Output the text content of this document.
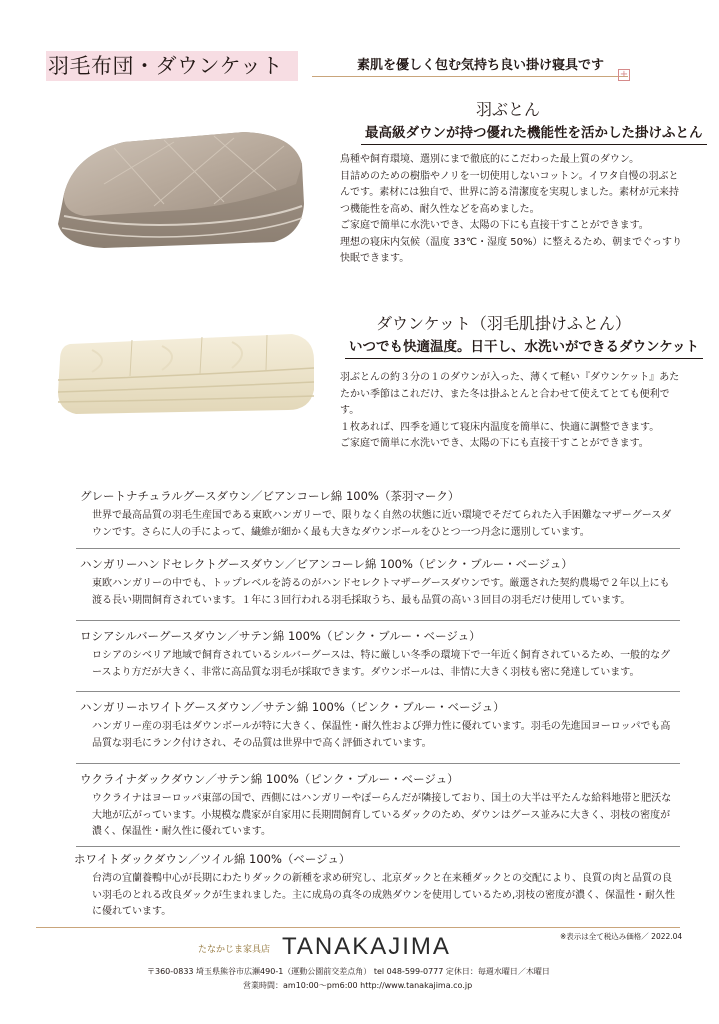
羽毛布団・ダウンケット	素肌を優しく包む気持ち良い掛け寝具です
+
羽ぶとん
最高級ダウンが持つ優れた機能性を活かした掛けふとん

鳥種や飼育環境、選別にまで徹底的にこだわった最上質のダウン。

目詰めのための樹脂やノリを一切使用しないコットン。イワタ自慢の羽ぶとんです。素材には独自で、世界に誇る清潔度を実現しました。素材が元来持つ機能性を高め、耐久性などを高めました。

ご家庭で簡単に水洗いでき、太陽の下にも直接干すことができます。

理想の寝床内気候（温度 33℃・湿度 50%）に整えるため、朝までぐっすり快眠できます。

ダウンケット（羽毛肌掛けふとん）
いつでも快適温度。日干し、水洗いができるダウンケット

羽ぶとんの約３分の１のダウンが入った、薄くて軽い『ダウンケット』あたたかい季節はこれだけ、また冬は掛ふとんと合わせて使えてとても便利です。

１枚あれば、四季を通じて寝床内温度を簡単に、快適に調整できます。

ご家庭で簡単に水洗いでき、太陽の下にも直接干すことができます。

グレートナチュラルグースダウン／ビアンコーレ綿 100%（茶羽マーク）
世界で最高品質の羽毛生産国である東欧ハンガリーで、限りなく自然の状態に近い環境でそだてられた入手困難なマザーグースダウンです。さらに人の手によって、繊維が細かく最も大きなダウンボールをひとつ一つ丹念に選別しています。
ハンガリーハンドセレクトグースダウン／ビアンコーレ綿 100%（ピンク・ブルー・ベージュ）
東欧ハンガリーの中でも、トップレベルを誇るのがハンドセレクトマザーグースダウンです。厳選された契約農場で２年以上にも渡る長い期間飼育されています。１年に３回行われる羽毛採取うち、最も品質の高い３回目の羽毛だけ使用しています。
ロシアシルバーグースダウン／サテン綿 100%（ピンク・ブルー・ベージュ）
ロシアのシベリア地域で飼育されているシルバーグースは、特に厳しい冬季の環境下で一年近く飼育されているため、一般的なグースより方だが大きく、非常に高品質な羽毛が採取できます。ダウンボールは、非情に大きく羽枝も密に発達しています。
ハンガリーホワイトグースダウン／サテン綿 100%（ピンク・ブルー・ベージュ）
ハンガリー産の羽毛はダウンボールが特に大きく、保温性・耐久性および弾力性に優れています。羽毛の先進国ヨーロッパでも高品質な羽毛にランク付けされ、その品質は世界中で高く評価されています。
ウクライナダックダウン／サテン綿 100%（ピンク・ブルー・ベージュ）
ウクライナはヨーロッパ東部の国で、西側にはハンガリーやぽーらんだが隣接しており、国土の大半は平たんな給料地帯と肥沃な大地が広がっています。小規模な農家が自家用に長期間飼育しているダックのため、ダウンはグース並みに大きく、羽枝の密度が濃く、保温性・耐久性に優れています。
ホワイトダックダウン／ツイル綿 100%（ベージュ）
台湾の宜蘭養鴨中心が長期にわたりダックの新種を求め研究し、北京ダックと在来種ダックとの交配により、良質の肉と品質の良い羽毛のとれる改良ダックが生まれました。主に成鳥の真冬の成熟ダウンを使用しているため,羽枝の密度が濃く、保温性・耐久性に優れています。
※表示は全て税込み価格／ 2022.04
たなかじま家具店 TANAKAJIMA
〒360-0833 埼玉県熊谷市広瀬490-1（運動公園前交差点角） tel 048-599-0777 定休日：毎週水曜日／木曜日
営業時間：am10:00～pm6:00 http://www.tanakajima.co.jp
